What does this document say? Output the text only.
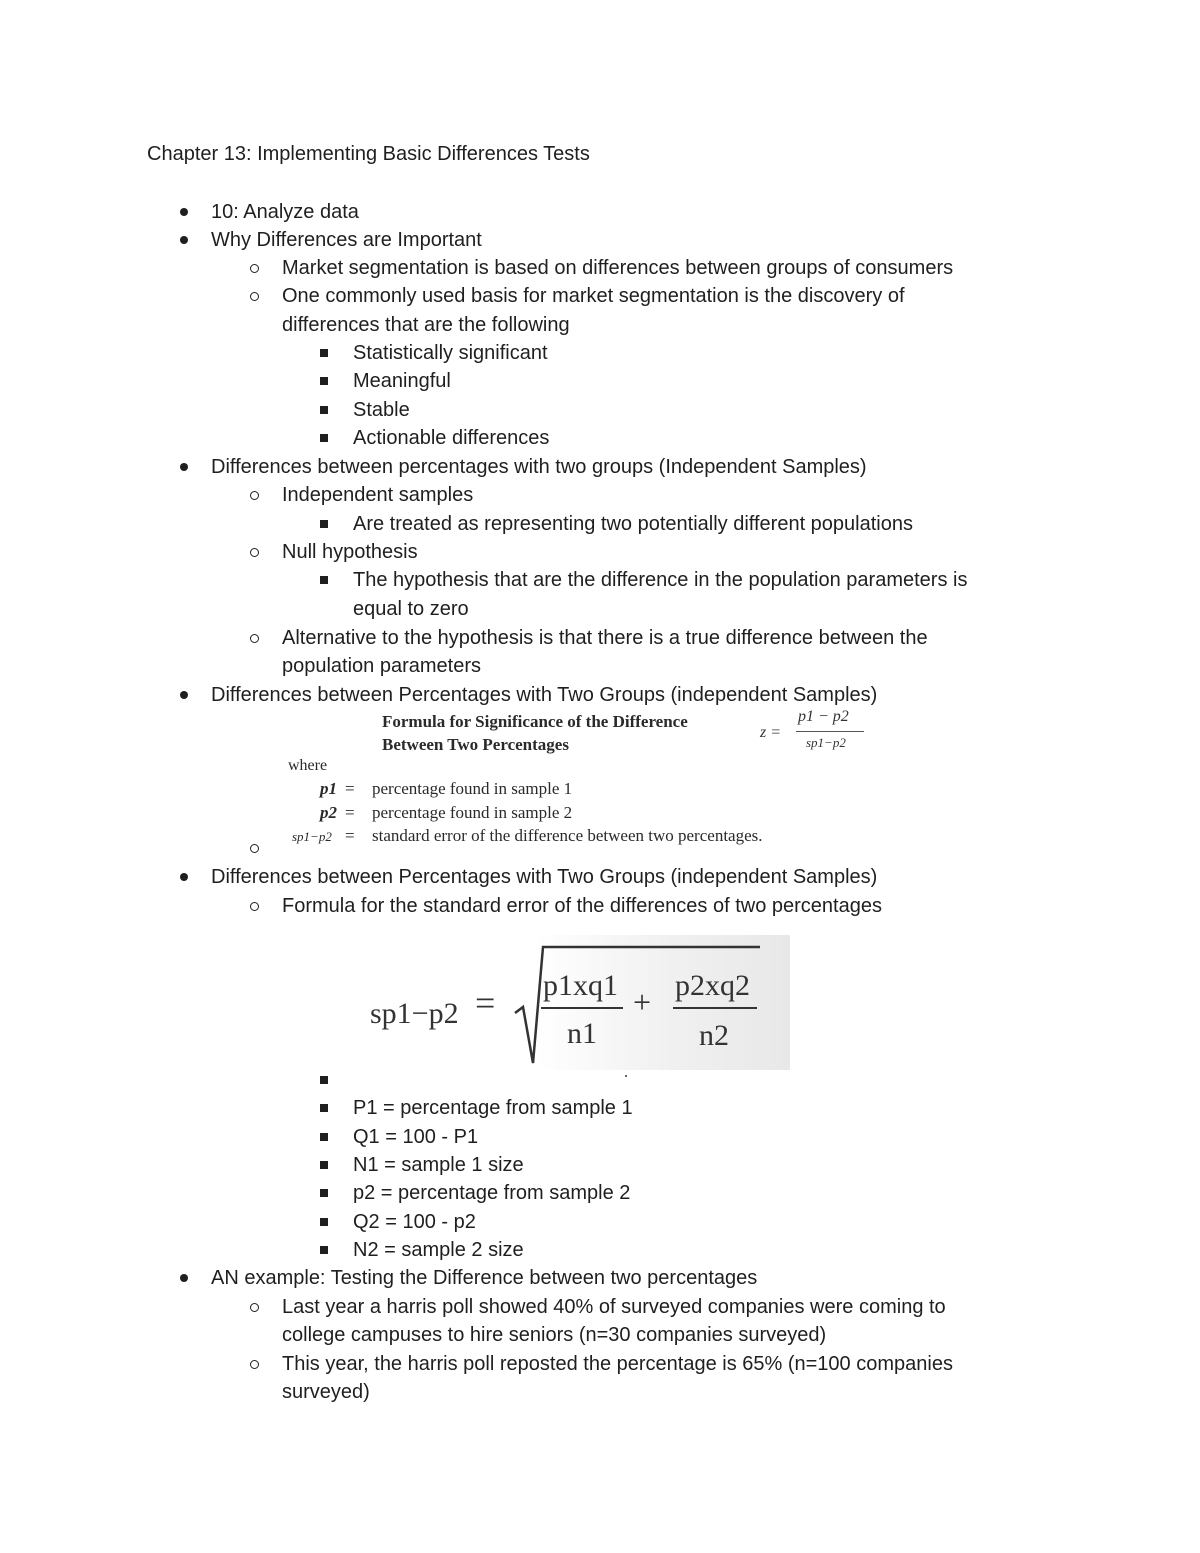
Chapter 13: Implementing Basic Differences Tests
10: Analyze data
Why Differences are Important
Market segmentation is based on differences between groups of consumers
One commonly used basis for market segmentation is the discovery of
differences that are the following
Statistically significant
Meaningful
Stable
Actionable differences
Differences between percentages with two groups (Independent Samples)
Independent samples
Are treated as representing two potentially different populations
Null hypothesis
The hypothesis that are the difference in the population parameters is
equal to zero
Alternative to the hypothesis is that there is a true difference between the
population parameters
Differences between Percentages with Two Groups (independent Samples)
Formula for Significance of the Difference
Between Two Percentages
where
p1 = percentage found in sample 1
p2 = percentage found in sample 2
sp1−p2 = standard error of the difference between two percentages.
z =
p1 − p2
sp1−p2
Differences between Percentages with Two Groups (independent Samples)
Formula for the standard error of the differences of two percentages
sp1−p2 = p1xq1
n1
+ p2xq2
n2
P1 = percentage from sample 1
Q1 = 100 - P1
N1 = sample 1 size
p2 = percentage from sample 2
Q2 = 100 - p2
N2 = sample 2 size
AN example: Testing the Difference between two percentages
Last year a harris poll showed 40% of surveyed companies were coming to
college campuses to hire seniors (n=30 companies surveyed)
This year, the harris poll reposted the percentage is 65% (n=100 companies
surveyed)
